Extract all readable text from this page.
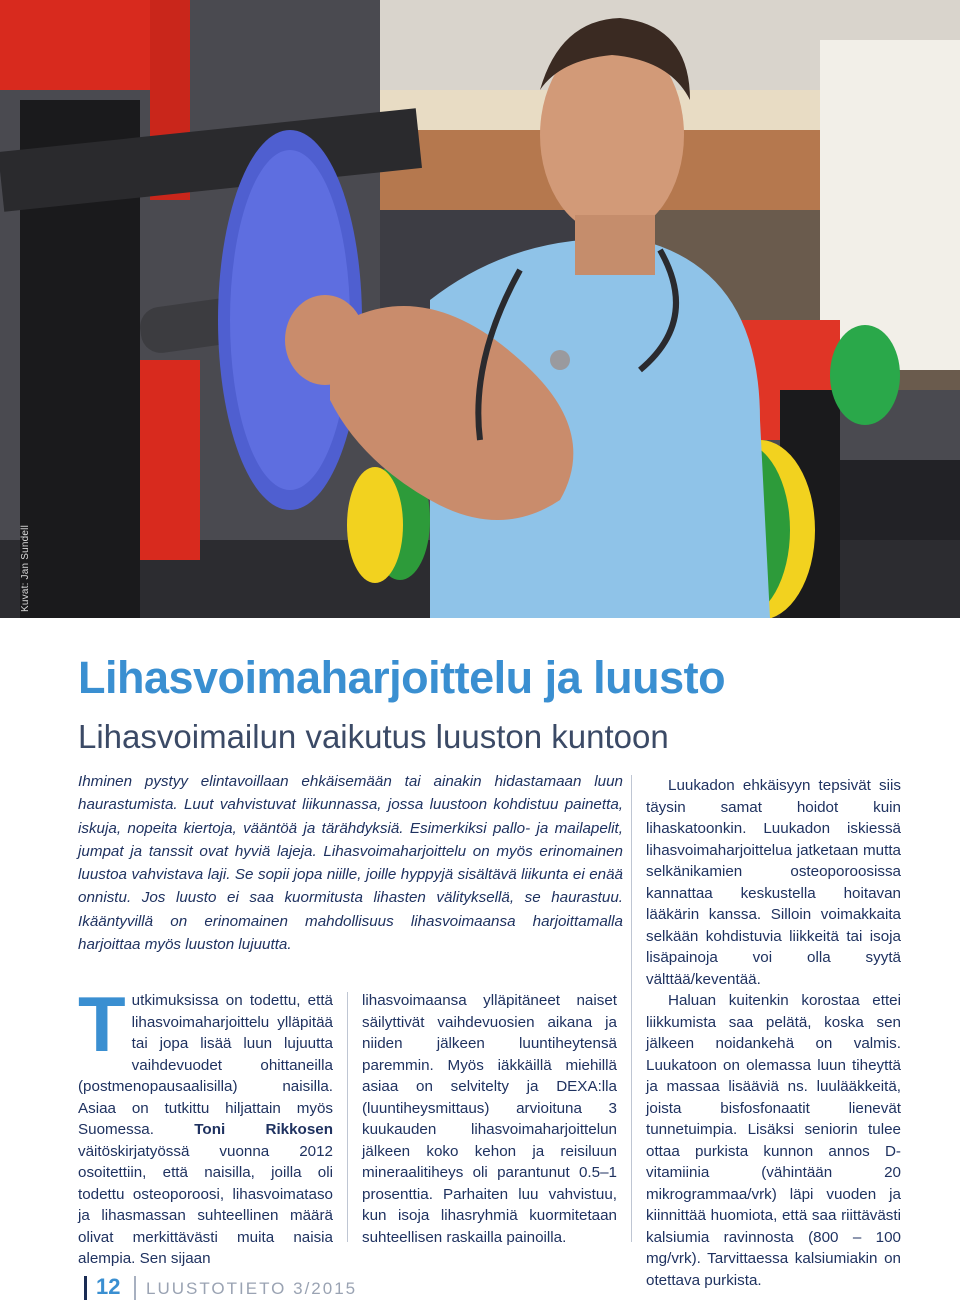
Kuvat: Jan Sundell
Lihasvoimaharjoittelu ja luusto
Lihasvoimailun vaikutus luuston kuntoon

Ihminen pystyy elintavoillaan ehkäisemään tai ainakin hidastamaan luun haurastumista. Luut vahvistuvat liikunnassa, jossa luustoon kohdistuu painetta, iskuja, nopeita kiertoja, vääntöä ja tärähdyksiä. Esimerkiksi pallo- ja mailapelit, jumpat ja tanssit ovat hyviä lajeja. Lihasvoimaharjoittelu on myös erinomainen luustoa vahvistava laji. Se sopii jopa niille, joille hyppyjä sisältävä liikunta ei enää onnistu. Jos luusto ei saa kuormitusta lihasten välityksellä, se haurastuu. Ikääntyvillä on erinomainen mahdollisuus lihasvoimaansa harjoittamalla harjoittaa myös luuston lujuutta.

Tutkimuksissa on todettu, että lihasvoimaharjoittelu ylläpitää tai jopa lisää luun lujuutta vaihdevuodet ohittaneilla (postmenopausaalisilla) naisilla. Asiaa on tutkittu hiljattain myös Suomessa. Toni Rikkosen väitöskirjatyössä vuonna 2012 osoitettiin, että naisilla, joilla oli todettu osteoporoosi, lihasvoimataso ja lihasmassan suhteellinen määrä olivat merkittävästi muita naisia alempia. Sen sijaan

lihasvoimaansa ylläpitäneet naiset säilyttivät vaihdevuosien aikana ja niiden jälkeen luuntiheytensä paremmin. Myös iäkkäillä miehillä asiaa on selvitelty ja DEXA:lla (luuntiheysmittaus) arvioituna 3 kuukauden lihasvoimaharjoittelun jälkeen koko kehon ja reisiluun mineraalitiheys oli parantunut 0.5–1 prosenttia. Parhaiten luu vahvistuu, kun isoja lihasryhmiä kuormitetaan suhteellisen raskailla painoilla.

Luukadon ehkäisyyn tepsivät siis täysin samat hoidot kuin lihaskatoonkin. Luukadon iskiessä lihasvoimaharjoittelua jatketaan mutta selkänikamien osteoporoosissa kannattaa keskustella hoitavan lääkärin kanssa. Silloin voimakkaita selkään kohdistuvia liikkeitä tai isoja lisäpainoja voi olla syytä välttää/keventää.

Haluan kuitenkin korostaa ettei liikkumista saa pelätä, koska sen jälkeen noidankehä on valmis. Luukatoon on olemassa luun tiheyttä ja massaa lisääviä ns. luulääkkeitä, joista bisfosfonaatit lienevät tunnetuimpia. Lisäksi seniorin tulee ottaa purkista kunnon annos D-vitamiinia (vähintään 20 mikrogrammaa/vrk) läpi vuoden ja kiinnittää huomiota, että saa riittävästi kalsiumia ravinnosta (800 – 100 mg/vrk). Tarvittaessa kalsiumiakin on otettava purkista.

12 LUUSTOTIETO 3/2015
